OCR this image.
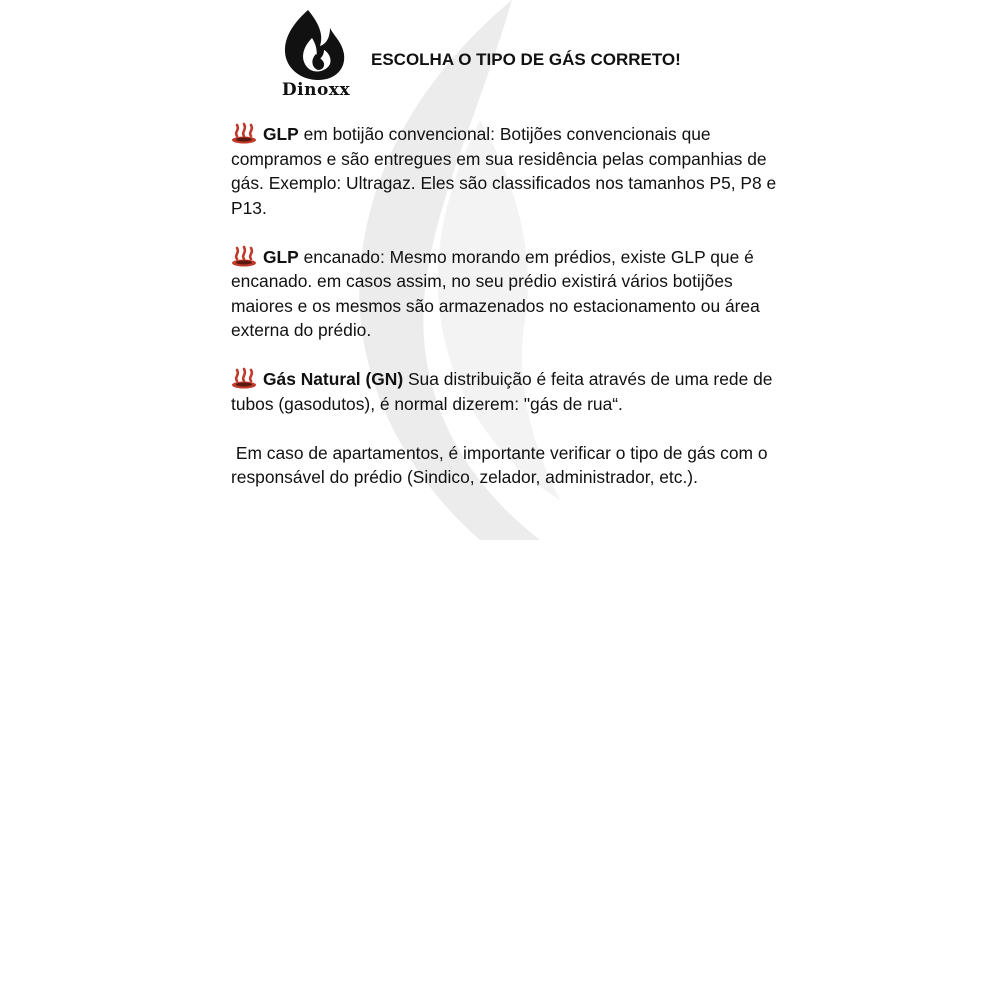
Dinoxx
ESCOLHA O TIPO DE GÁS CORRETO!

GLP em botijão convencional: Botijões convencionais que compramos e são entregues em sua residência pelas companhias de gás. Exemplo: Ultragaz. Eles são classificados nos tamanhos P5, P8 e P13.

GLP encanado: Mesmo morando em prédios, existe GLP que é encanado. em casos assim, no seu prédio existirá vários botijões maiores e os mesmos são armazenados no estacionamento ou área externa do prédio.

Gás Natural (GN) Sua distribuição é feita através de uma rede de tubos (gasodutos), é normal dizerem: "gás de rua“.

Em caso de apartamentos, é importante verificar o tipo de gás com o responsável do prédio (Sindico, zelador, administrador, etc.).
